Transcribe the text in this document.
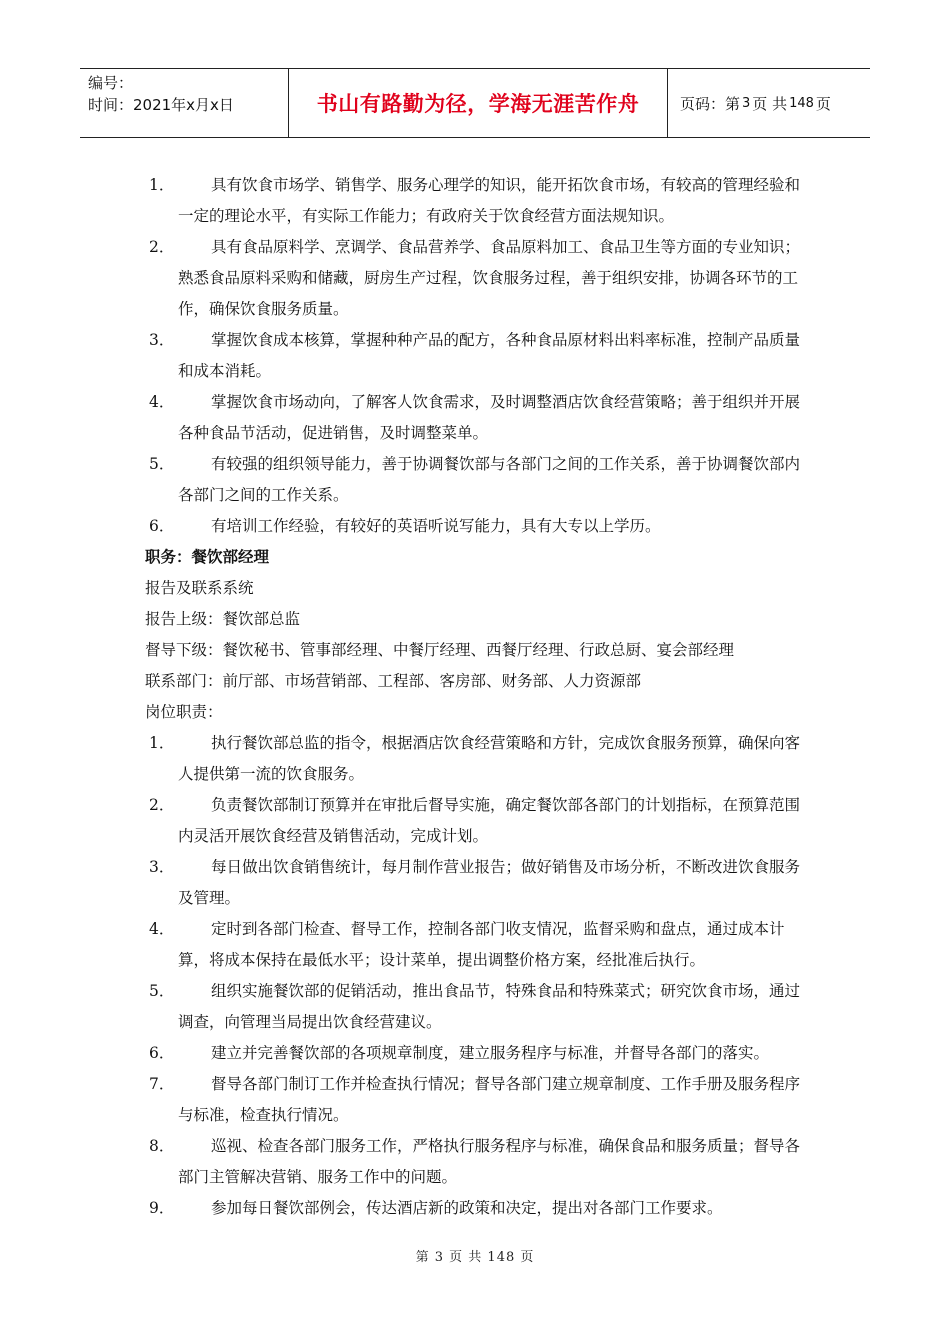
编号：
时间：2021年x月x日	书山有路勤为径，学海无涯苦作舟	页码：第 3 页 共 148 页
1．	具有饮食市场学、销售学、服务心理学的知识，能开拓饮食市场，有较高的管理经验和一定的理论水平，有实际工作能力；有政府关于饮食经营方面法规知识。
2．	具有食品原料学、烹调学、食品营养学、食品原料加工、食品卫生等方面的专业知识；熟悉食品原料采购和储藏，厨房生产过程，饮食服务过程，善于组织安排，协调各环节的工作，确保饮食服务质量。
3．	掌握饮食成本核算，掌握种种产品的配方，各种食品原材料出料率标准，控制产品质量和成本消耗。
4．	掌握饮食市场动向，了解客人饮食需求，及时调整酒店饮食经营策略；善于组织并开展各种食品节活动，促进销售，及时调整菜单。
5．	有较强的组织领导能力，善于协调餐饮部与各部门之间的工作关系，善于协调餐饮部内各部门之间的工作关系。
6．	有培训工作经验，有较好的英语听说写能力，具有大专以上学历。
职务：餐饮部经理
报告及联系系统
报告上级：餐饮部总监
督导下级：餐饮秘书、管事部经理、中餐厅经理、西餐厅经理、行政总厨、宴会部经理
联系部门：前厅部、市场营销部、工程部、客房部、财务部、人力资源部
岗位职责：
1．	执行餐饮部总监的指令，根据酒店饮食经营策略和方针，完成饮食服务预算，确保向客人提供第一流的饮食服务。
2．	负责餐饮部制订预算并在审批后督导实施，确定餐饮部各部门的计划指标，在预算范围内灵活开展饮食经营及销售活动，完成计划。
3．	每日做出饮食销售统计，每月制作营业报告；做好销售及市场分析，不断改进饮食服务及管理。
4．	定时到各部门检查、督导工作，控制各部门收支情况，监督采购和盘点，通过成本计算，将成本保持在最低水平；设计菜单，提出调整价格方案，经批准后执行。
5．	组织实施餐饮部的促销活动，推出食品节，特殊食品和特殊菜式；研究饮食市场，通过调查，向管理当局提出饮食经营建议。
6．	建立并完善餐饮部的各项规章制度，建立服务程序与标准，并督导各部门的落实。
7．	督导各部门制订工作并检查执行情况；督导各部门建立规章制度、工作手册及服务程序与标准，检查执行情况。
8．	巡视、检查各部门服务工作，严格执行服务程序与标准，确保食品和服务质量；督导各部门主管解决营销、服务工作中的问题。
9．	参加每日餐饮部例会，传达酒店新的政策和决定，提出对各部门工作要求。
第 3 页 共 148 页
